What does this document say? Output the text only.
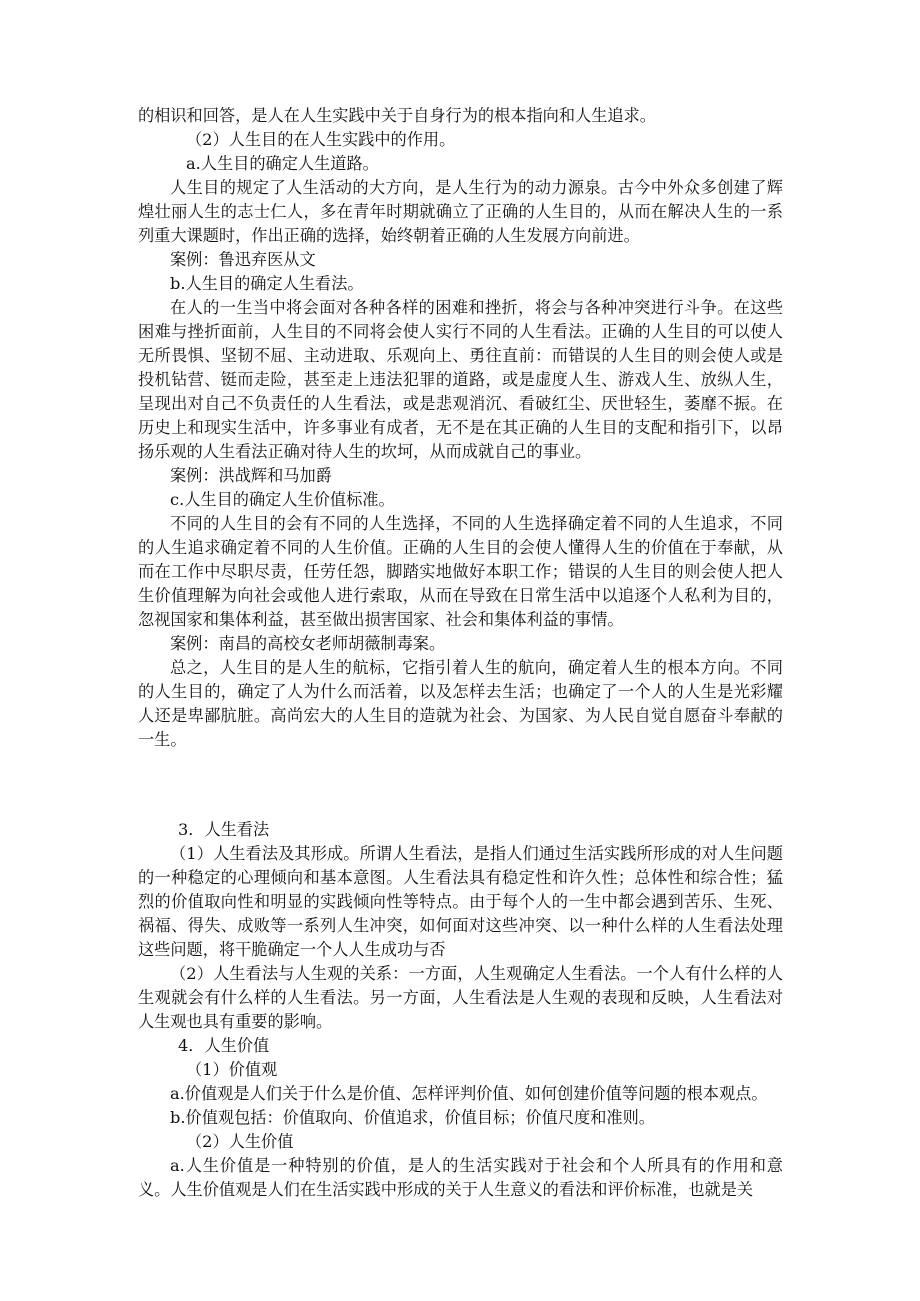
的相识和回答，是人在人生实践中关于自身行为的根本指向和人生追求。

（2）人生目的在人生实践中的作用。

a.人生目的确定人生道路。

人生目的规定了人生活动的大方向，是人生行为的动力源泉。古今中外众多创建了辉煌壮丽人生的志士仁人，多在青年时期就确立了正确的人生目的，从而在解决人生的一系列重大课题时，作出正确的选择，始终朝着正确的人生发展方向前进。

案例：鲁迅弃医从文

b.人生目的确定人生看法。

在人的一生当中将会面对各种各样的困难和挫折，将会与各种冲突进行斗争。在这些困难与挫折面前，人生目的不同将会使人实行不同的人生看法。正确的人生目的可以使人无所畏惧、坚韧不屈、主动进取、乐观向上、勇往直前：而错误的人生目的则会使人或是投机钻营、铤而走险，甚至走上违法犯罪的道路，或是虚度人生、游戏人生、放纵人生，呈现出对自己不负责任的人生看法，或是悲观消沉、看破红尘、厌世轻生，萎靡不振。在历史上和现实生活中，许多事业有成者，无不是在其正确的人生目的支配和指引下，以昂扬乐观的人生看法正确对待人生的坎坷，从而成就自己的事业。

案例：洪战辉和马加爵

c.人生目的确定人生价值标准。

不同的人生目的会有不同的人生选择，不同的人生选择确定着不同的人生追求，不同的人生追求确定着不同的人生价值。正确的人生目的会使人懂得人生的价值在于奉献，从而在工作中尽职尽责，任劳任怨，脚踏实地做好本职工作；错误的人生目的则会使人把人生价值理解为向社会或他人进行索取，从而在导致在日常生活中以追逐个人私利为目的，忽视国家和集体利益，甚至做出损害国家、社会和集体利益的事情。

案例：南昌的高校女老师胡薇制毒案。

总之，人生目的是人生的航标，它指引着人生的航向，确定着人生的根本方向。不同的人生目的，确定了人为什么而活着，以及怎样去生活；也确定了一个人的人生是光彩耀人还是卑鄙肮脏。高尚宏大的人生目的造就为社会、为国家、为人民自觉自愿奋斗奉献的一生。

3．人生看法

（1）人生看法及其形成。所谓人生看法，是指人们通过生活实践所形成的对人生问题的一种稳定的心理倾向和基本意图。人生看法具有稳定性和许久性；总体性和综合性；猛烈的价值取向性和明显的实践倾向性等特点。由于每个人的一生中都会遇到苦乐、生死、祸福、得失、成败等一系列人生冲突，如何面对这些冲突、以一种什么样的人生看法处理这些问题，将干脆确定一个人人生成功与否

（2）人生看法与人生观的关系：一方面，人生观确定人生看法。一个人有什么样的人生观就会有什么样的人生看法。另一方面，人生看法是人生观的表现和反映，人生看法对人生观也具有重要的影响。

4．人生价值

（1）价值观

a.价值观是人们关于什么是价值、怎样评判价值、如何创建价值等问题的根本观点。

b.价值观包括：价值取向、价值追求，价值目标；价值尺度和准则。

（2）人生价值

a.人生价值是一种特别的价值，是人的生活实践对于社会和个人所具有的作用和意义。人生价值观是人们在生活实践中形成的关于人生意义的看法和评价标准，也就是关
